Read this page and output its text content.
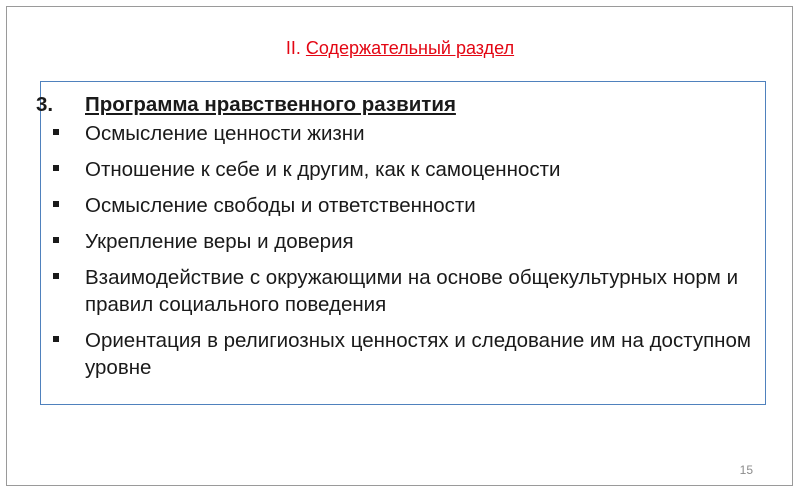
II. Содержательный раздел
3. Программа нравственного развития
Осмысление ценности жизни
Отношение к себе и к другим, как к самоценности
Осмысление свободы и ответственности
Укрепление веры и доверия
Взаимодействие с окружающими на основе общекультурных норм и правил социального поведения
Ориентация в религиозных ценностях и следование им на доступном уровне
15
